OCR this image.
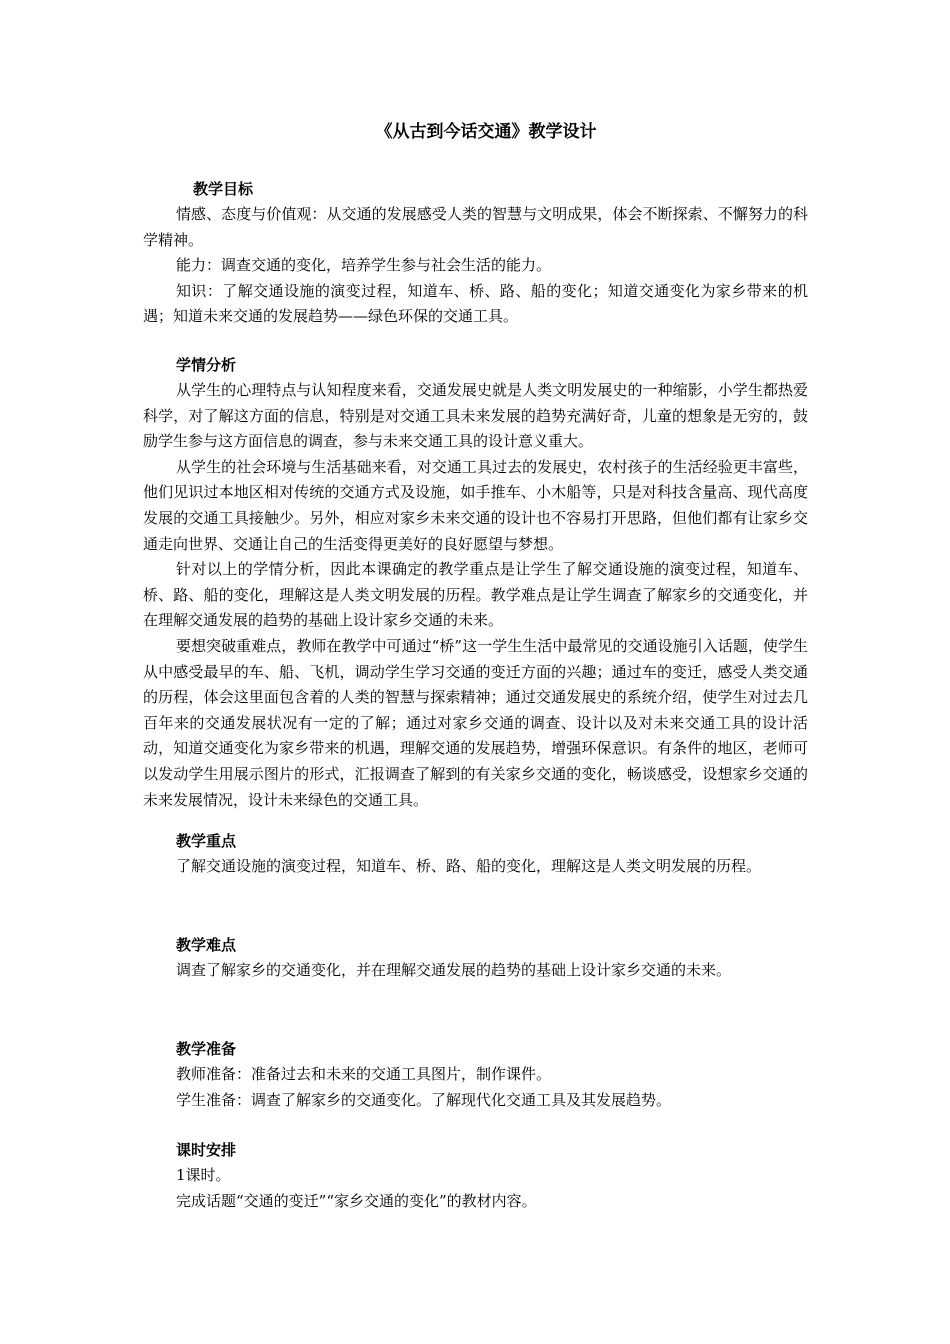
《从古到今话交通》教学设计
教学目标

情感、态度与价值观：从交通的发展感受人类的智慧与文明成果，体会不断探索、不懈努力的科学精神。

能力：调查交通的变化，培养学生参与社会生活的能力。

知识：了解交通设施的演变过程，知道车、桥、路、船的变化；知道交通变化为家乡带来的机遇；知道未来交通的发展趋势——绿色环保的交通工具。

学情分析

从学生的心理特点与认知程度来看，交通发展史就是人类文明发展史的一种缩影，小学生都热爱科学，对了解这方面的信息，特别是对交通工具未来发展的趋势充满好奇，儿童的想象是无穷的，鼓励学生参与这方面信息的调查，参与未来交通工具的设计意义重大。

从学生的社会环境与生活基础来看，对交通工具过去的发展史，农村孩子的生活经验更丰富些，他们见识过本地区相对传统的交通方式及设施，如手推车、小木船等，只是对科技含量高、现代高度发展的交通工具接触少。另外，相应对家乡未来交通的设计也不容易打开思路，但他们都有让家乡交通走向世界、交通让自己的生活变得更美好的良好愿望与梦想。

针对以上的学情分析，因此本课确定的教学重点是让学生了解交通设施的演变过程，知道车、桥、路、船的变化，理解这是人类文明发展的历程。教学难点是让学生调查了解家乡的交通变化，并在理解交通发展的趋势的基础上设计家乡交通的未来。

要想突破重难点，教师在教学中可通过“桥”这一学生生活中最常见的交通设施引入话题，使学生从中感受最早的车、船、飞机，调动学生学习交通的变迁方面的兴趣；通过车的变迁，感受人类交通的历程，体会这里面包含着的人类的智慧与探索精神；通过交通发展史的系统介绍，使学生对过去几百年来的交通发展状况有一定的了解；通过对家乡交通的调查、设计以及对未来交通工具的设计活动，知道交通变化为家乡带来的机遇，理解交通的发展趋势，增强环保意识。有条件的地区，老师可以发动学生用展示图片的形式，汇报调查了解到的有关家乡交通的变化，畅谈感受，设想家乡交通的未来发展情况，设计未来绿色的交通工具。

教学重点

了解交通设施的演变过程，知道车、桥、路、船的变化，理解这是人类文明发展的历程。

教学难点

调查了解家乡的交通变化，并在理解交通发展的趋势的基础上设计家乡交通的未来。

教学准备

教师准备：准备过去和未来的交通工具图片，制作课件。

学生准备：调查了解家乡的交通变化。了解现代化交通工具及其发展趋势。

课时安排

1课时。

完成话题“交通的变迁”“家乡交通的变化”的教材内容。
